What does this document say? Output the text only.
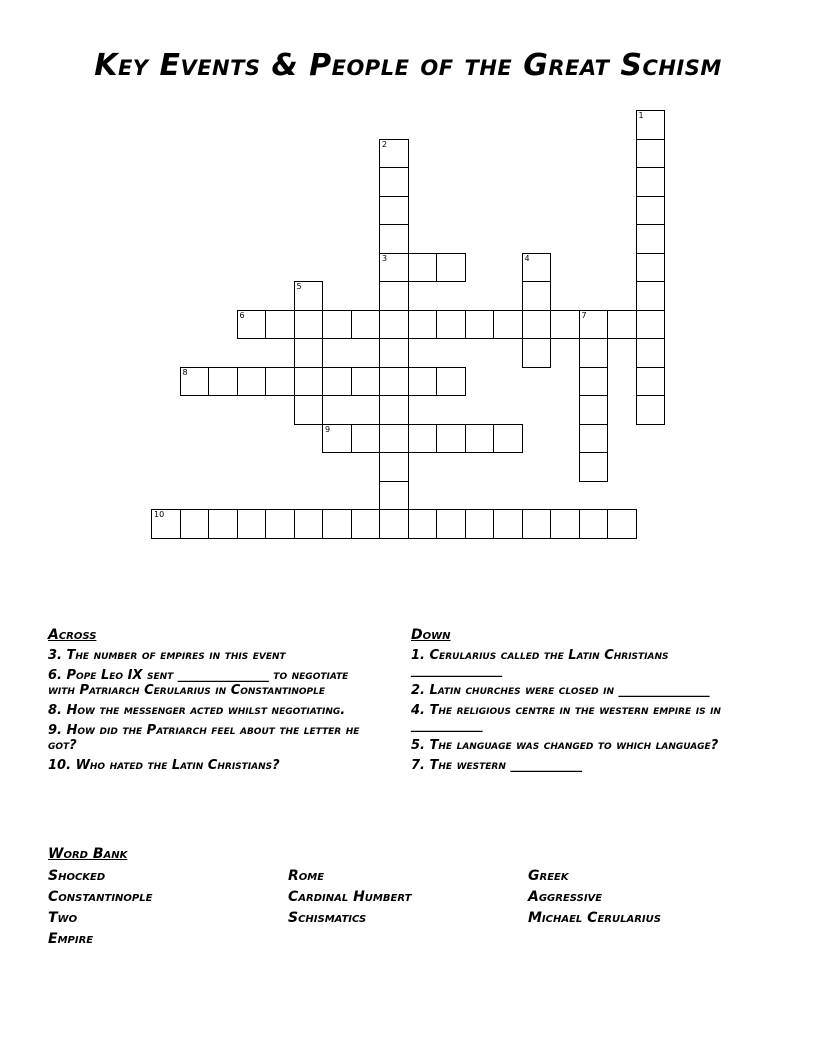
Key Events & People of the Great Schism
1
2
3	4
5
6	7
8
9
10
Across
3. The number of empires in this event
6. Pope Leo IX sent ______________ to negotiate with Patriarch Cerularius in Constantinople
8. How the messenger acted whilst negotiating.
9. How did the Patriarch feel about the letter he got?
10. Who hated the Latin Christians?
Down
1. Cerularius called the Latin Christians ______________
2. Latin churches were closed in ______________
4. The religious centre in the western empire is in ___________
5. The language was changed to which language?
7. The western ___________
Word Bank
Shocked	Rome	Greek
Constantinople	Cardinal Humbert	Aggressive
Two	Schismatics	Michael Cerularius
Empire
